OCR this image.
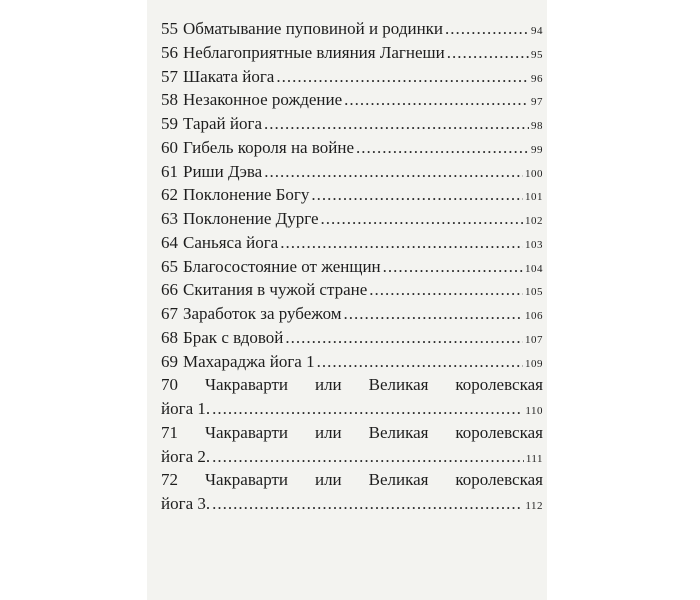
55 Обматывание пуповиной и родинки .....	94
56 Неблагоприятные влияния Лагнеши .....	95
57 Шаката йога .....	96
58 Незаконное рождение .....	97
59 Тарай йога .....	98
60 Гибель короля на войне .....	99
61 Риши Дэва .....	100
62 Поклонение Богу .....	101
63 Поклонение Дурге .....	102
64 Саньяса йога .....	103
65 Благосостояние от женщин .....	104
66 Скитания в чужой стране .....	105
67 Заработок за рубежом .....	106
68 Брак с вдовой .....	107
69 Махараджа йога 1 .....	109
70 Чакраварти или Великая королевская
йога 1. .....	110
71 Чакраварти или Великая королевская
йога 2. .....	111
72 Чакраварти или Великая королевская
йога 3. .....	112
